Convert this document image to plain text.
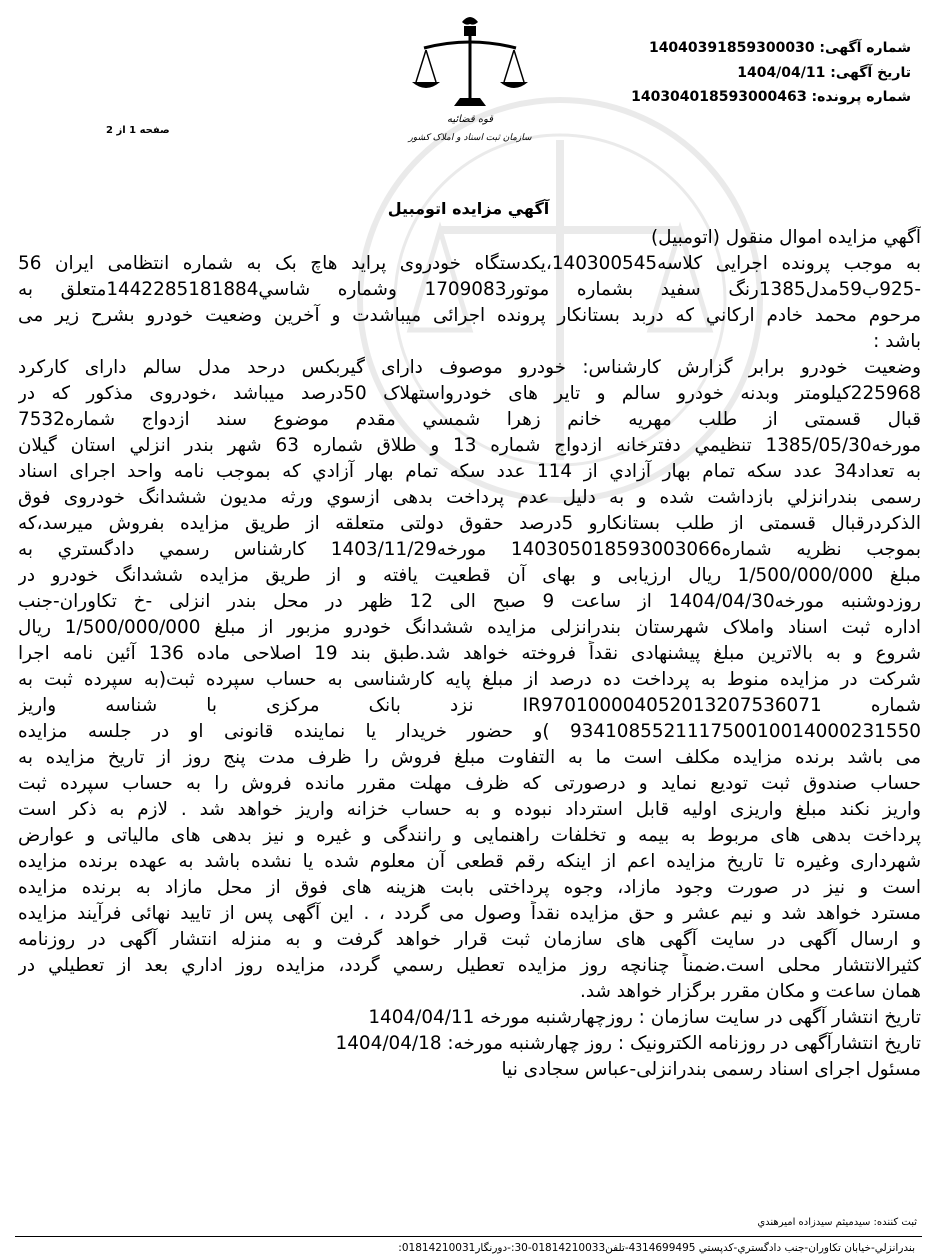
شماره آگهی: 14040391859300030
تاریخ آگهی: 1404/04/11
شماره پرونده: 14030401859300046З
صفحه 1 از 2
قوه قضائیه
سازمان ثبت اسناد و املاک کشور
آگهي مزايده اتومبيل
آگهي مزايده اموال منقول (اتومبيل)
به موجب پرونده اجرایی کلاسه140300545،یکدستگاه خودروی پراید هاچ بک به شماره انتظامی ایران 56
-925ب59مدل1385رنگ سفید بشماره موتور1709083 وشماره شاسي1442285181884متعلق به
مرحوم محمد خادم ارکاني که دربد بستانکار پرونده اجرائی میباشدت و آخرین وضعیت خودرو بشرح زیر می
باشد :
وضعیت خودرو برابر گزارش کارشناس: خودرو موصوف دارای گیربکس درحد مدل سالم دارای کارکرد
225968کیلومتر وبدنه خودرو سالم و تایر های خودرواستهلاک 50درصد میباشد ،خودروی مذکور که در
قبال قسمتی از طلب مهریه خانم زهرا شمسي مقدم موضوع سند ازدواج شماره7532
مورخه1385/05/30 تنظیمي دفترخانه ازدواج شماره 13 و طلاق شماره 63 شهر بندر انزلي استان گیلان
به تعداد34 عدد سکه تمام بهار آزادي از 114 عدد سکه تمام بهار آزادي که بموجب نامه واحد اجرای اسناد
رسمی بندرانزلي بازداشت شده و به دلیل عدم پرداخت بدهی ازسوي ورثه مدیون ششدانگ خودروی فوق
الذکردرقبال قسمتی از طلب بستانکارو 5درصد حقوق دولتی متعلقه از طریق مزایده بفروش میرسد،که
بموجب نظریه شماره140305018593003066 مورخه1403/11/29 کارشناس رسمي دادگستري به
مبلغ 1/500/000/000 ریال ارزیابی و بهای آن قطعیت یافته و از طریق مزایده ششدانگ خودرو در
روزدوشنبه مورخه1404/04/30 از ساعت 9 صبح الی 12 ظهر در محل بندر انزلی -خ تکاوران-جنب
اداره ثبت اسناد واملاک شهرستان بندرانزلی مزایده ششدانگ خودرو مزبور از مبلغ 1/500/000/000 ریال
شروع و به بالاترین مبلغ پیشنهادی نقداً فروخته خواهد شد.طبق بند 19 اصلاحی ماده 136 آئین نامه اجرا
شرکت در مزایده منوط به پرداخت ده درصد از مبلغ پایه کارشناسی به حساب سپرده ثبت(به سپرده ثبت به
شماره IR970100004052013207536071 نزد بانک مرکزی با شناسه واریز
934108552111750010014000231550 )و حضور خریدار یا نماینده قانونی او در جلسه مزایده
می باشد برنده مزایده مکلف است ما به التفاوت مبلغ فروش را ظرف مدت پنج روز از تاریخ مزایده به
حساب صندوق ثبت تودیع نماید و درصورتی که ظرف مهلت مقرر مانده فروش را به حساب سپرده ثبت
واریز نکند مبلغ واریزی اولیه قابل استرداد نبوده و به حساب خزانه واریز خواهد شد . لازم به ذکر است
پرداخت بدهی های مربوط به بیمه و تخلفات راهنمایی و رانندگی و غیره و نیز بدهی های مالیاتی و عوارض
شهرداری وغیره تا تاریخ مزایده اعم از اینکه رقم قطعی آن معلوم شده یا نشده باشد به عهده برنده مزایده
است و نیز در صورت وجود مازاد، وجوه پرداختی بابت هزینه های فوق از محل مازاد به برنده مزایده
مسترد خواهد شد و نیم عشر و حق مزایده نقداً وصول می گردد ، . این آگهی پس از تایید نهائی فرآیند مزایده
و ارسال آگهی در سایت آگهی های سازمان ثبت قرار خواهد گرفت و به منزله انتشار آگهی در روزنامه
کثیرالانتشار محلی است.ضمناً چنانچه روز مزایده تعطیل رسمي گردد، مزایده روز اداري بعد از تعطیلي در
همان ساعت و مکان مقرر برگزار خواهد شد.
تاریخ انتشار آگهی در سایت سازمان : روزچهارشنبه مورخه 1404/04/11
تاریخ انتشارآگهی در روزنامه الکترونیک : روز چهارشنبه مورخه: 1404/04/18
مسئول اجرای اسناد رسمی بندرانزلی-عباس سجادی نیا
ثبت کننده: سیدمیثم سیدزاده امیرهندي
بندرانزلي-خيابان تكاوران-جنب دادگستري-كدپستي 4314699495-تلفن01814210033-30:-دورنگار01814210031:
